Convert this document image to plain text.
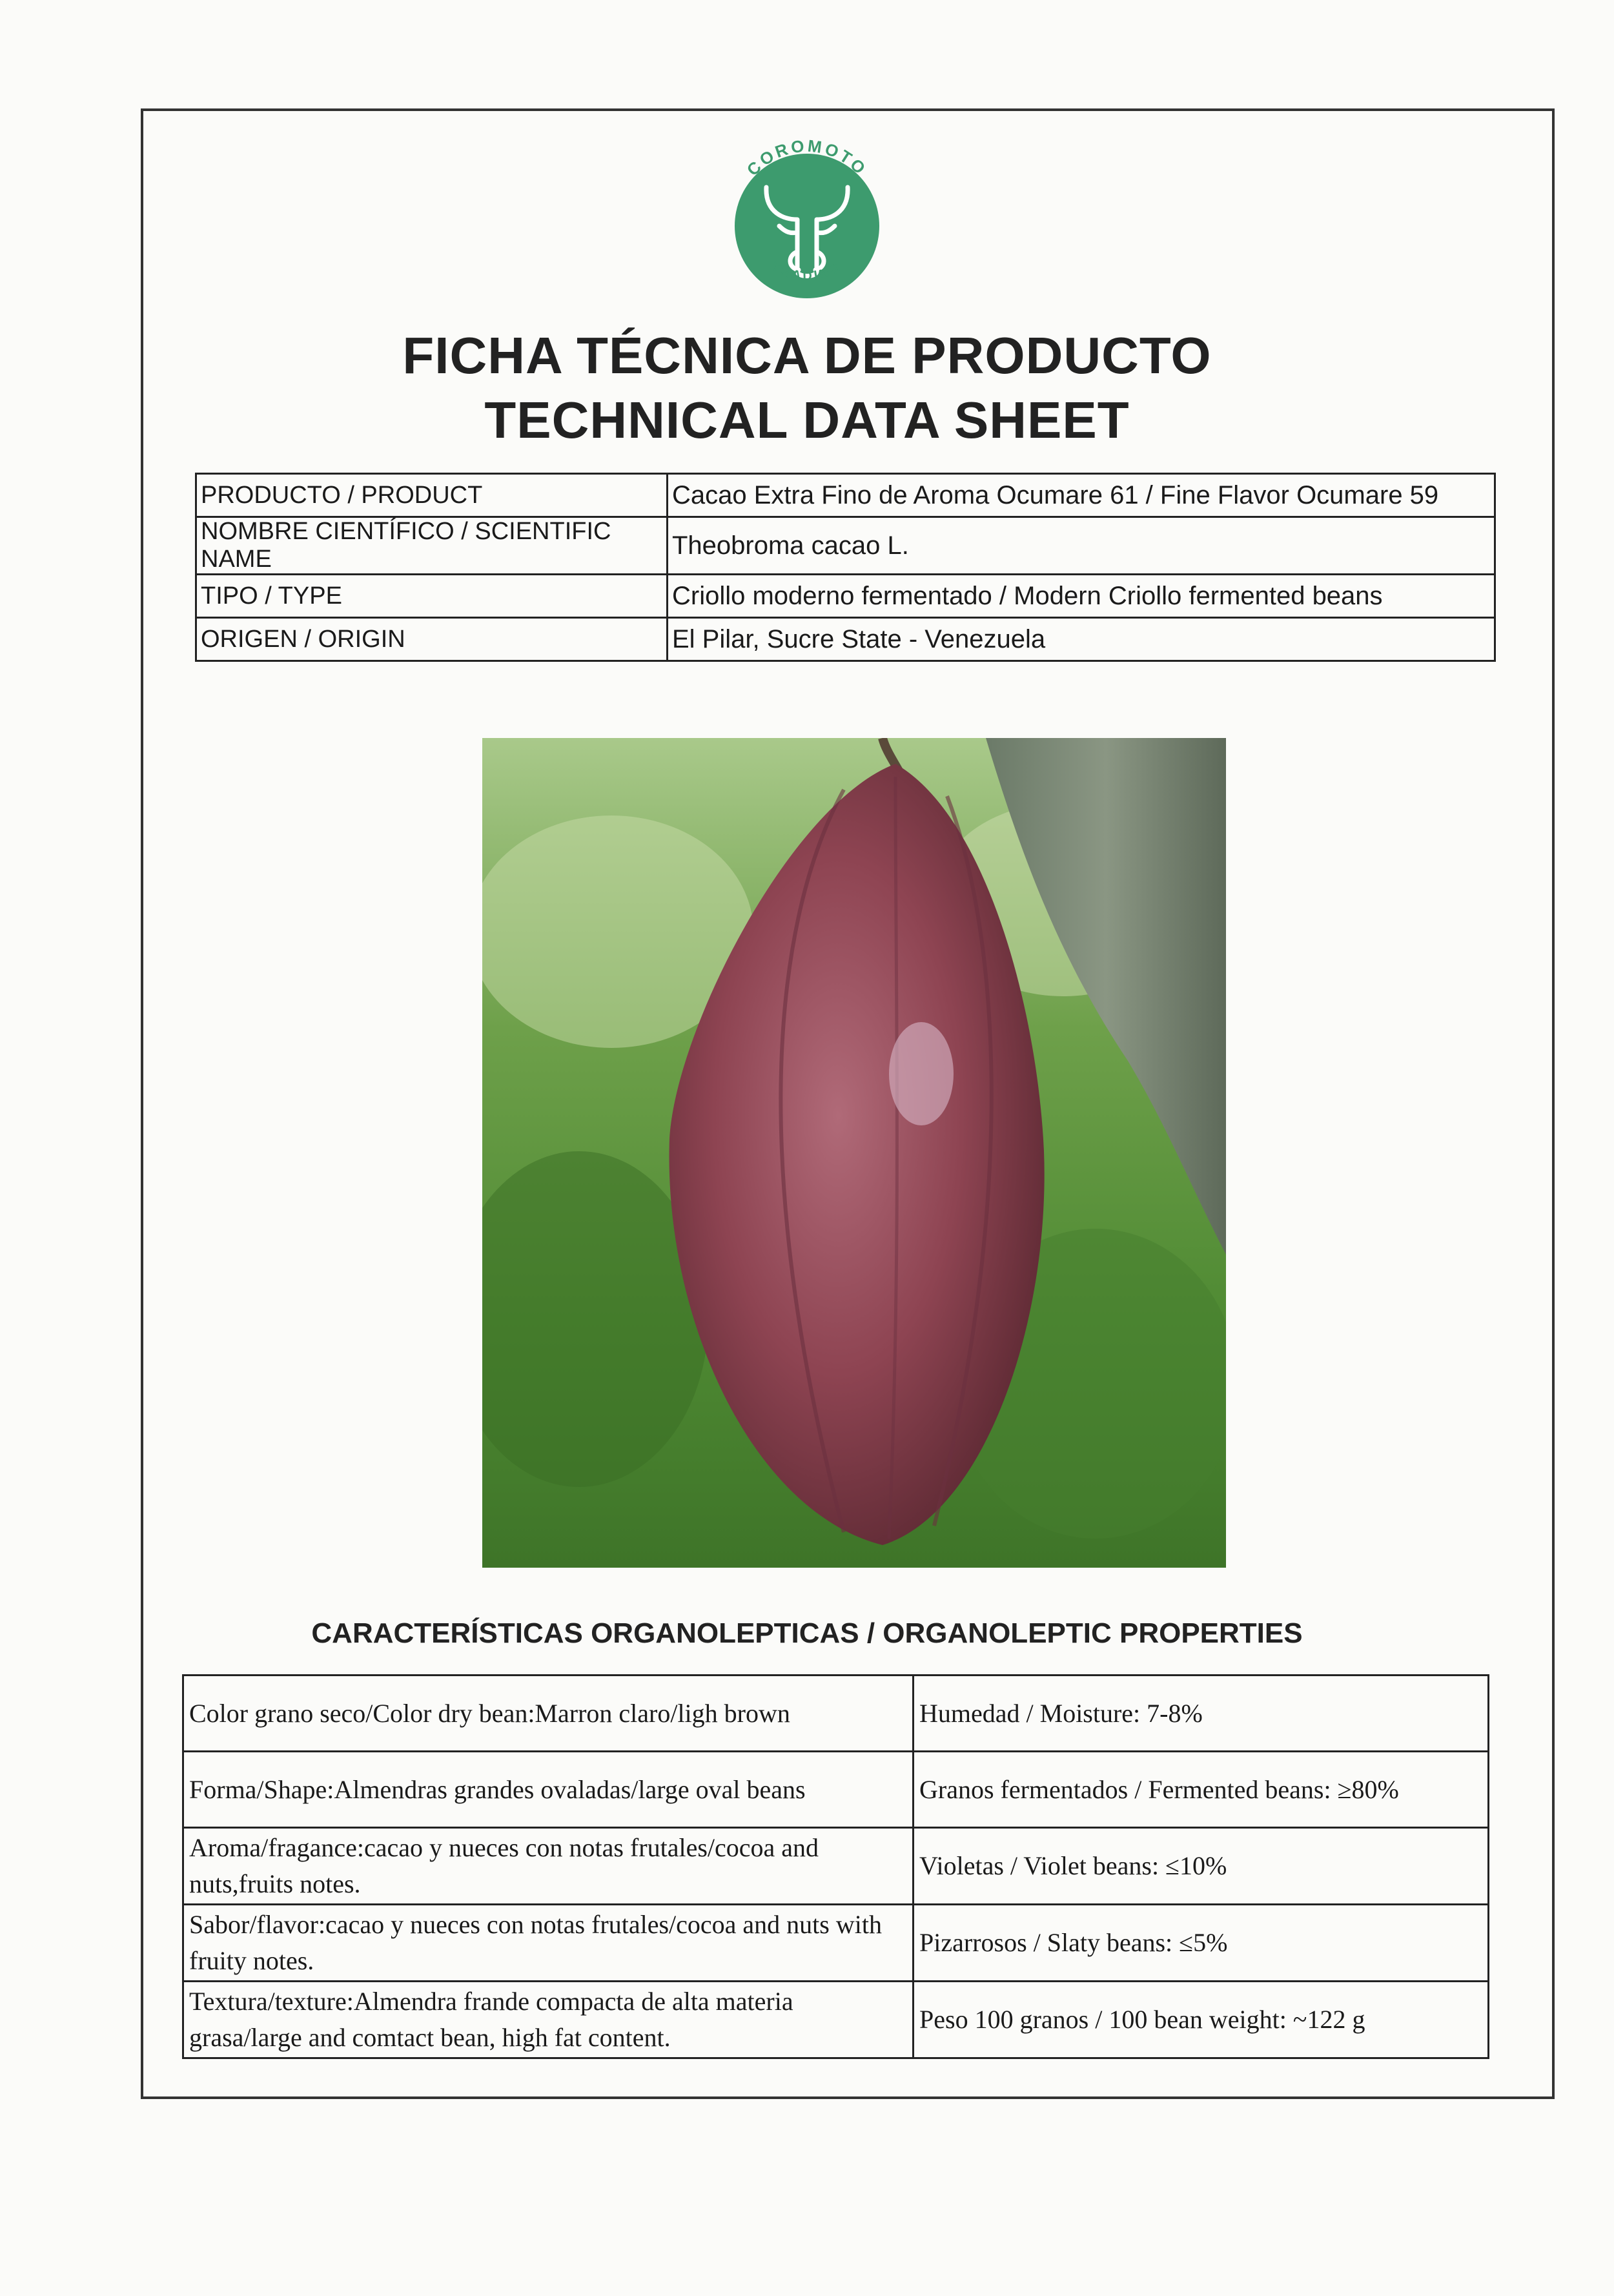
COROMOTO
TRADING
FICHA TÉCNICA DE PRODUCTO
TECHNICAL DATA SHEET
PRODUCTO / PRODUCT	Cacao Extra Fino de Aroma Ocumare 61 / Fine Flavor Ocumare 59
NOMBRE CIENTÍFICO / SCIENTIFIC NAME	Theobroma cacao L.
TIPO / TYPE	Criollo moderno fermentado / Modern Criollo fermented beans
ORIGEN / ORIGIN	El Pilar, Sucre State - Venezuela
CARACTERÍSTICAS ORGANOLEPTICAS / ORGANOLEPTIC PROPERTIES
Color grano seco/Color dry bean:Marron claro/ligh brown	Humedad / Moisture: 7-8%
Forma/Shape:Almendras grandes ovaladas/large oval beans	Granos fermentados / Fermented beans: ≥80%
Aroma/fragance:cacao y nueces con notas frutales/cocoa and nuts,fruits notes.	Violetas / Violet beans: ≤10%
Sabor/flavor:cacao y nueces con notas frutales/cocoa and nuts with fruity notes.	Pizarrosos / Slaty beans: ≤5%
Textura/texture:Almendra frande compacta de alta materia grasa/large and comtact bean, high fat content.	Peso 100 granos / 100 bean weight: ~122 g
